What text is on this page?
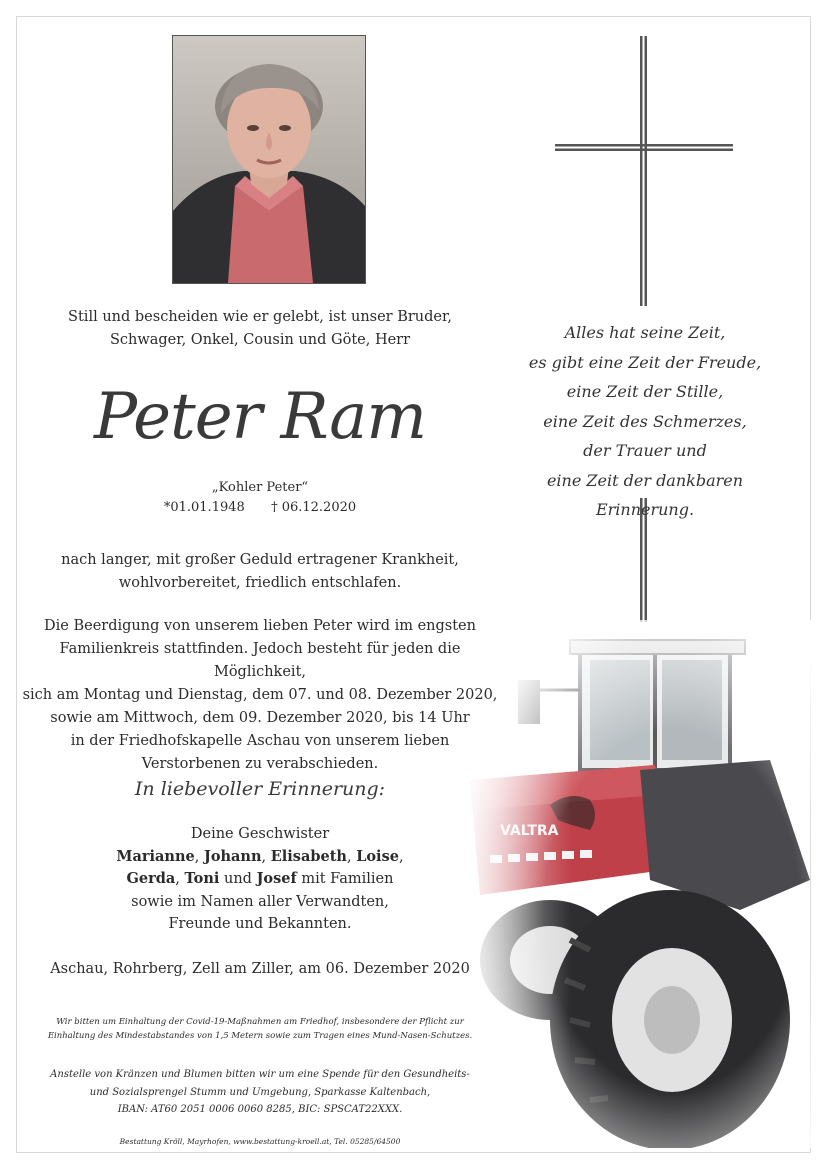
Still und bescheiden wie er gelebt, ist unser Bruder,
Schwager, Onkel, Cousin und Göte, Herr
Peter Ram
„Kohler Peter“
*01.01.1948 † 06.12.2020
Alles hat seine Zeit,
es gibt eine Zeit der Freude,
eine Zeit der Stille,
eine Zeit des Schmerzes,
der Trauer und
eine Zeit der dankbaren Erinnerung.
nach langer, mit großer Geduld ertragener Krankheit,
wohlvorbereitet, friedlich entschlafen.
Die Beerdigung von unserem lieben Peter wird im engsten
Familienkreis stattfinden. Jedoch besteht für jeden die Möglichkeit,
sich am Montag und Dienstag, dem 07. und 08. Dezember 2020,
sowie am Mittwoch, dem 09. Dezember 2020, bis 14 Uhr
in der Friedhofskapelle Aschau von unserem lieben
Verstorbenen zu verabschieden.
In liebevoller Erinnerung:
Deine Geschwister
Marianne, Johann, Elisabeth, Loise,
Gerda, Toni und Josef mit Familien
sowie im Namen aller Verwandten,
Freunde und Bekannten.
Aschau, Rohrberg, Zell am Ziller, am 06. Dezember 2020
Wir bitten um Einhaltung der Covid-19-Maßnahmen am Friedhof, insbesondere der Pflicht zur
Einhaltung des Mindestabstandes von 1,5 Metern sowie zum Tragen eines Mund-Nasen-Schutzes.
Anstelle von Kränzen und Blumen bitten wir um eine Spende für den Gesundheits-
und Sozialsprengel Stumm und Umgebung, Sparkasse Kaltenbach,
IBAN: AT60 2051 0006 0060 8285, BIC: SPSCAT22XXX.
Bestattung Kröll, Mayrhofen, www.bestattung-kroell.at, Tel. 05285/64500
